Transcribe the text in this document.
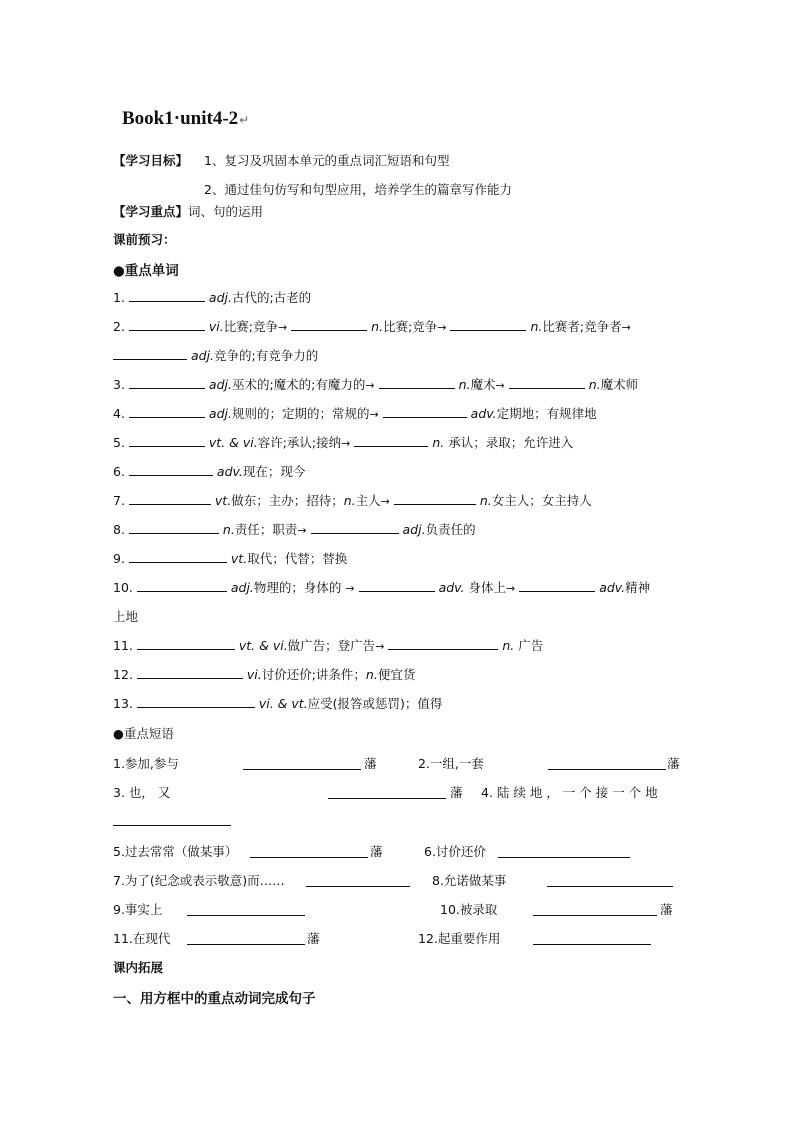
Book1·unit4-2↵
【学习目标】 1、复习及巩固本单元的重点词汇短语和句型
2、通过佳句仿写和句型应用，培养学生的篇章写作能力
【学习重点】词、句的运用
课前预习：
●重点单词
1.	adj.古代的;古老的
2.	vi.比赛;竞争→	n.比赛;竞争→	n.比赛者;竞争者→
adj.竞争的;有竞争力的
3.	adj.巫术的;魔术的;有魔力的→	n.魔术→	n.魔术师
4.	adj.规则的；定期的；常规的→	adv.定期地；有规律地
5.	vt. & vi.容许;承认;接纳→	n. 承认；录取；允许进入
6.	adv.现在；现今
7.	vt.做东；主办；招待；n.主人→	n.女主人；女主持人
8.	n.责任；职责→	adj.负责任的
9.	vt.取代；代替；替换
10.	adj.物理的；身体的 →	adv. 身体上→	adv.精神
上地
11.	vt. & vi.做广告；登广告→	n. 广告
12.	vi.讨价还价;讲条件；n.便宜货
13.	vi. & vt.应受(报答或惩罚)；值得
●重点短语
1.参加,参与	藩	2.一组,一套	藩
3. 也， 又	藩 4. 陆 续 地 ， 一 个 接 一 个 地
5.过去常常（做某事）	藩	6.讨价还价
7.为了(纪念或表示敬意)而……	8.允诺做某事
9.事实上	10.被录取	藩
11.在现代	藩	12.起重要作用
课内拓展
一、用方框中的重点动词完成句子
